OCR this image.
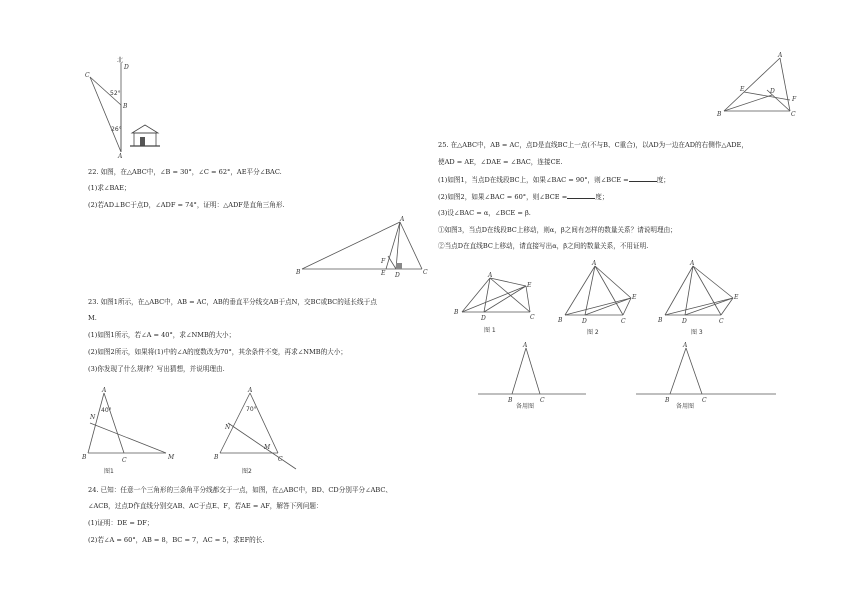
北
D
C
B
A
52°
26°
A
E	D
F
B	C
22. 如图，在△ABC中，∠B = 30°，∠C = 62°，AE平分∠BAC.
(1)求∠BAE；
(2)若AD⊥BC于点D，∠ADF = 74°，证明：△ADF是直角三角形.
A
B	C
D
E
F
23. 如图1所示，在△ABC中，AB = AC，AB的垂直平分线交AB于点N，交BC或BC的延长线于点
M.
(1)如图1所示，若∠A = 40°，求∠NMB的大小；
(2)如图2所示，如果将(1)中的∠A的度数改为70°，其余条件不变，再求∠NMB的大小；
(3)你发现了什么规律？写出猜想，并说明理由.
A
N
B	C	M
40°
图1
A
N
B	C
M
70°
图2
24. 已知：任意一个三角形的三条角平分线都交于一点，如图，在△ABC中，BD、CD分别平分∠ABC、
∠ACB，过点D作直线分别交AB、AC于点E、F，若AE = AF，解答下列问题：
(1)证明：DE = DF；
(2)若∠A = 60°，AB = 8，BC = 7，AC = 5，求EF的长.
25. 在△ABC中，AB = AC，点D是直线BC上一点(不与B、C重合)，以AD为一边在AD的右侧作△ADE，
使AD = AE，∠DAE = ∠BAC，连接CE.
(1)如图1，当点D在线段BC上，如果∠BAC = 90°，则∠BCE =	度；
(2)如图2，如果∠BAC = 60°，则∠BCE =	度；
(3)设∠BAC = α，∠BCE = β.
①如图3，当点D在线段BC上移动，则α，β之间有怎样的数量关系？请说明理由；
②当点D在直线BC上移动，请直接写出α，β之间的数量关系，不用证明.
A
B
C
D
E
图 1
A
B	C
D
E
图 2
A
B	C
D
E
图 3
A
B	C
备用图
A
B	C
备用图
